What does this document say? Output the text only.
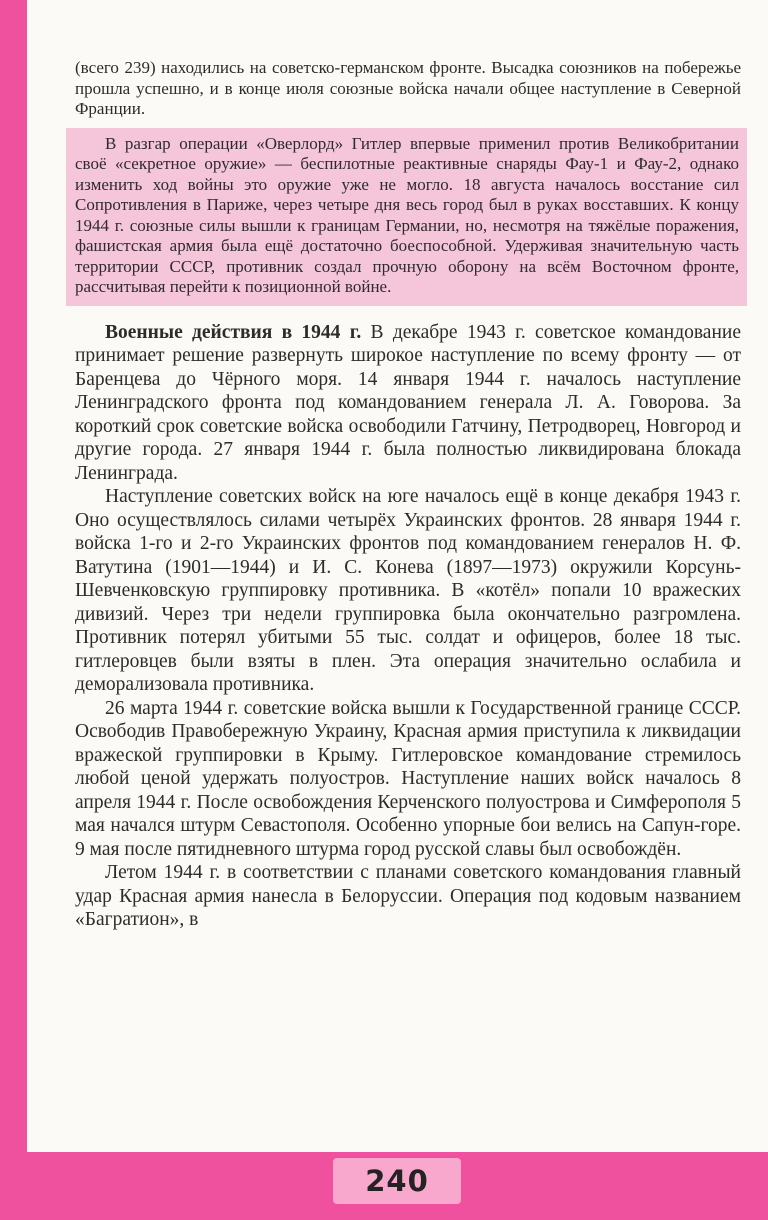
(всего 239) находились на советско-германском фронте. Высадка союзников на побережье прошла успешно, и в конце июля союзные войска начали общее наступление в Северной Франции.

В разгар операции «Оверлорд» Гитлер впервые применил против Великобритании своё «секретное оружие» — беспилотные реактивные снаряды Фау-1 и Фау-2, однако изменить ход войны это оружие уже не могло. 18 августа началось восстание сил Сопротивления в Париже, через четыре дня весь город был в руках восставших. К концу 1944 г. союзные силы вышли к границам Германии, но, несмотря на тяжёлые поражения, фашистская армия была ещё достаточно боеспособной. Удерживая значительную часть территории СССР, противник создал прочную оборону на всём Восточном фронте, рассчитывая перейти к позиционной войне.

Военные действия в 1944 г. В декабре 1943 г. советское командование принимает решение развернуть широкое наступление по всему фронту — от Баренцева до Чёрного моря. 14 января 1944 г. началось наступление Ленинградского фронта под командованием генерала Л. А. Говорова. За короткий срок советские войска освободили Гатчину, Петродворец, Новгород и другие города. 27 января 1944 г. была полностью ликвидирована блокада Ленинграда.

Наступление советских войск на юге началось ещё в конце декабря 1943 г. Оно осуществлялось силами четырёх Украинских фронтов. 28 января 1944 г. войска 1-го и 2-го Украинских фронтов под командованием генералов Н. Ф. Ватутина (1901—1944) и И. С. Конева (1897—1973) окружили Корсунь-Шевченковскую группировку противника. В «котёл» попали 10 вражеских дивизий. Через три недели группировка была окончательно разгромлена. Противник потерял убитыми 55 тыс. солдат и офицеров, более 18 тыс. гитлеровцев были взяты в плен. Эта операция значительно ослабила и деморализовала противника.

26 марта 1944 г. советские войска вышли к Государственной границе СССР. Освободив Правобережную Украину, Красная армия приступила к ликвидации вражеской группировки в Крыму. Гитлеровское командование стремилось любой ценой удержать полуостров. Наступление наших войск началось 8 апреля 1944 г. После освобождения Керченского полуострова и Симферополя 5 мая начался штурм Севастополя. Особенно упорные бои велись на Сапун-горе. 9 мая после пятидневного штурма город русской славы был освобождён.

Летом 1944 г. в соответствии с планами советского командования главный удар Красная армия нанесла в Белоруссии. Операция под кодовым названием «Багратион», в

240
